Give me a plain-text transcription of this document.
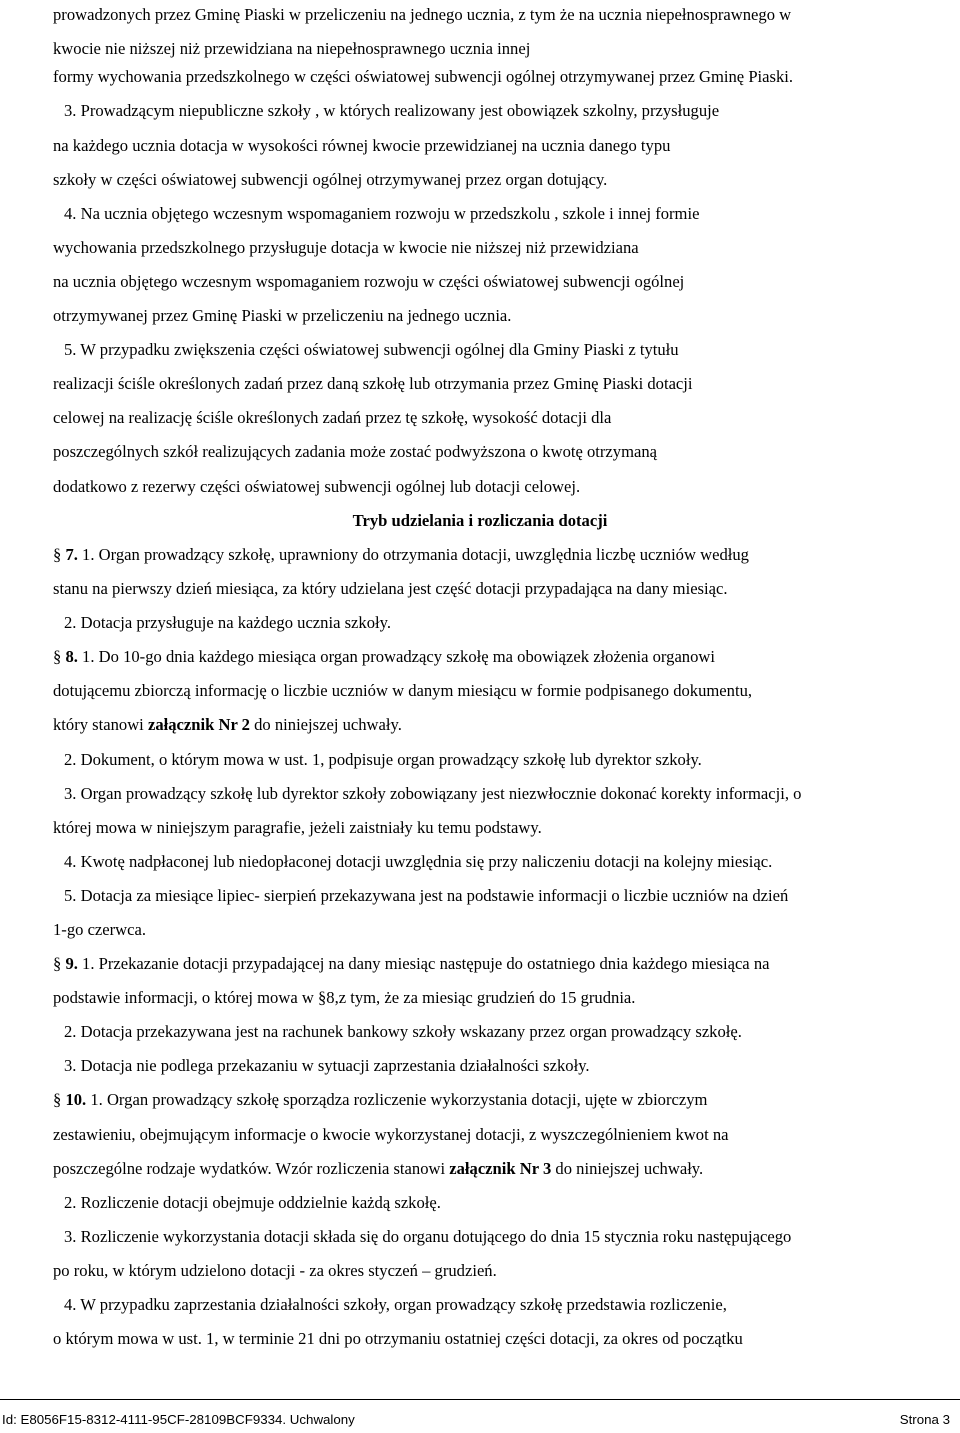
prowadzonych przez Gminę Piaski w przeliczeniu na jednego ucznia, z tym że na ucznia niepełnosprawnego w
kwocie nie niższej niż przewidziana na niepełnosprawnego ucznia innej
formy wychowania przedszkolnego w części oświatowej subwencji ogólnej otrzymywanej przez Gminę Piaski.
3. Prowadzącym niepubliczne szkoły , w których realizowany jest obowiązek szkolny, przysługuje
na każdego ucznia dotacja w wysokości równej kwocie przewidzianej na ucznia danego typu
szkoły w części oświatowej subwencji ogólnej otrzymywanej przez organ dotujący.
4. Na ucznia objętego wczesnym wspomaganiem rozwoju w przedszkolu , szkole i innej formie
wychowania przedszkolnego przysługuje dotacja w kwocie nie niższej niż przewidziana
na ucznia objętego wczesnym wspomaganiem rozwoju w części oświatowej subwencji ogólnej
otrzymywanej przez Gminę Piaski w przeliczeniu na jednego ucznia.
5. W przypadku zwiększenia części oświatowej subwencji ogólnej dla Gminy Piaski z tytułu
realizacji ściśle określonych zadań przez daną szkołę lub otrzymania przez Gminę Piaski dotacji
celowej na realizację ściśle określonych zadań przez tę szkołę, wysokość dotacji dla
poszczególnych szkół realizujących zadania może zostać podwyższona o kwotę otrzymaną
dodatkowo z rezerwy części oświatowej subwencji ogólnej lub dotacji celowej.
Tryb udzielania i rozliczania dotacji
§ 7. 1. Organ prowadzący szkołę, uprawniony do otrzymania dotacji, uwzględnia liczbę uczniów według
stanu na pierwszy dzień miesiąca, za który udzielana jest część dotacji przypadająca na dany miesiąc.
2. Dotacja przysługuje na każdego ucznia szkoły.
§ 8. 1. Do 10-go dnia każdego miesiąca organ prowadzący szkołę ma obowiązek złożenia organowi
dotującemu zbiorczą informację o liczbie uczniów w danym miesiącu w formie podpisanego dokumentu,
który stanowi załącznik Nr 2 do niniejszej uchwały.
2. Dokument, o którym mowa w ust. 1, podpisuje organ prowadzący szkołę lub dyrektor szkoły.
3. Organ prowadzący szkołę lub dyrektor szkoły zobowiązany jest niezwłocznie dokonać korekty informacji, o
której mowa w niniejszym paragrafie, jeżeli zaistniały ku temu podstawy.
4. Kwotę nadpłaconej lub niedopłaconej dotacji uwzględnia się przy naliczeniu dotacji na kolejny miesiąc.
5. Dotacja za miesiące lipiec- sierpień przekazywana jest na podstawie informacji o liczbie uczniów na dzień
1-go czerwca.
§ 9. 1. Przekazanie dotacji przypadającej na dany miesiąc następuje do ostatniego dnia każdego miesiąca na
podstawie informacji, o której mowa w §8,z tym, że za miesiąc grudzień do 15 grudnia.
2. Dotacja przekazywana jest na rachunek bankowy szkoły wskazany przez organ prowadzący szkołę.
3. Dotacja nie podlega przekazaniu w sytuacji zaprzestania działalności szkoły.
§ 10. 1. Organ prowadzący szkołę sporządza rozliczenie wykorzystania dotacji, ujęte w zbiorczym
zestawieniu, obejmującym informacje o kwocie wykorzystanej dotacji, z wyszczególnieniem kwot na
poszczególne rodzaje wydatków. Wzór rozliczenia stanowi załącznik Nr 3 do niniejszej uchwały.
2. Rozliczenie dotacji obejmuje oddzielnie każdą szkołę.
3. Rozliczenie wykorzystania dotacji składa się do organu dotującego do dnia 15 stycznia roku następującego
po roku, w którym udzielono dotacji - za okres styczeń – grudzień.
4. W przypadku zaprzestania działalności szkoły, organ prowadzący szkołę przedstawia rozliczenie,
o którym mowa w ust. 1, w terminie 21 dni po otrzymaniu ostatniej części dotacji, za okres od początku
Id: E8056F15-8312-4111-95CF-28109BCF9334. Uchwalony	Strona 3
